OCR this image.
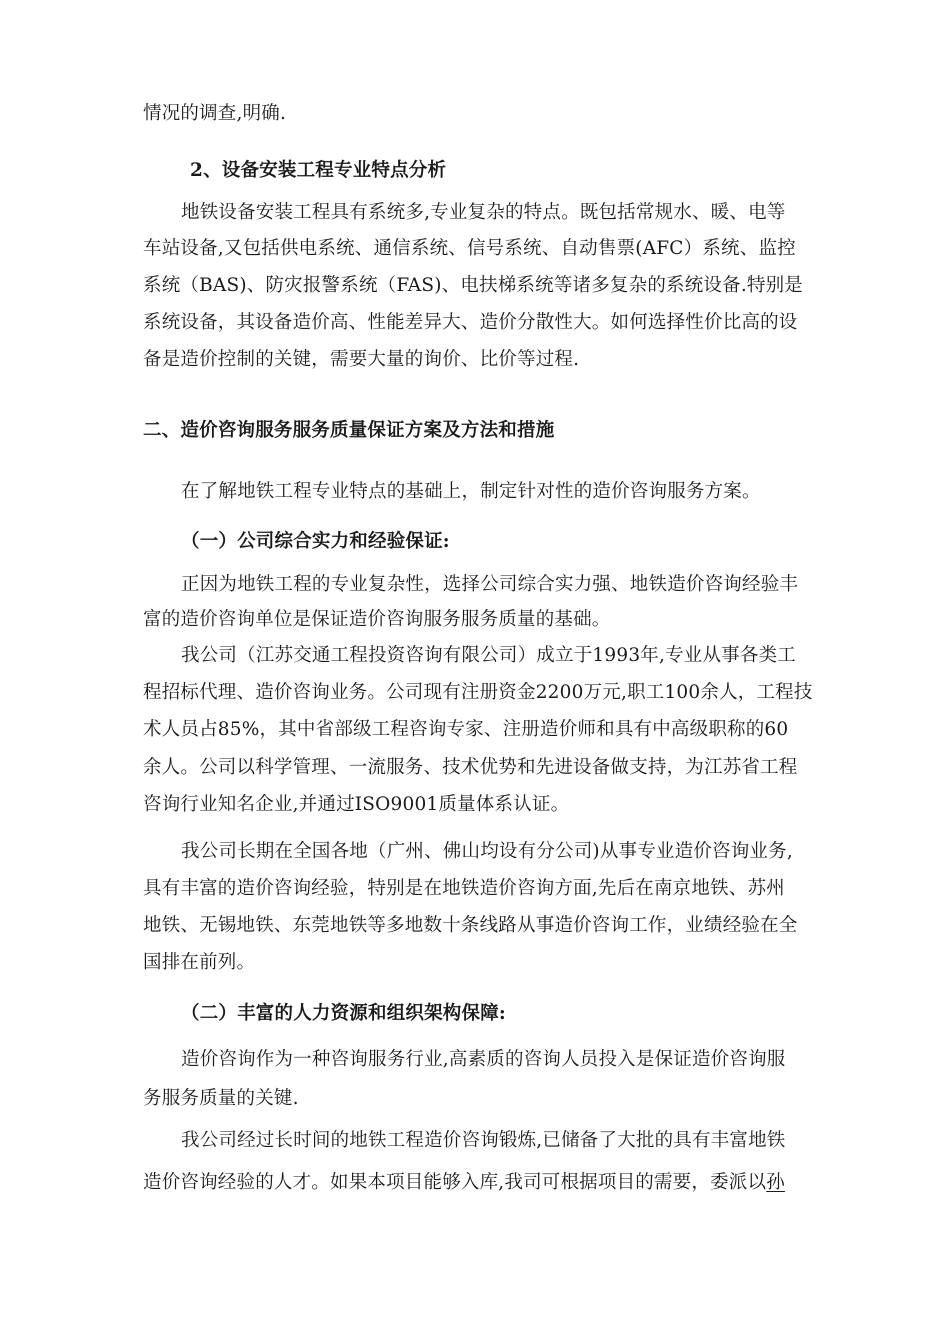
情况的调查,明确.
2、设备安装工程专业特点分析
地铁设备安装工程具有系统多,专业复杂的特点。既包括常规水、暖、电等
车站设备,又包括供电系统、通信系统、信号系统、自动售票(AFC）系统、监控
系统（BAS)、防灾报警系统（FAS)、电扶梯系统等诸多复杂的系统设备.特别是
系统设备，其设备造价高、性能差异大、造价分散性大。如何选择性价比高的设
备是造价控制的关键，需要大量的询价、比价等过程.
二、造价咨询服务服务质量保证方案及方法和措施
在了解地铁工程专业特点的基础上，制定针对性的造价咨询服务方案。
（一）公司综合实力和经验保证:
正因为地铁工程的专业复杂性，选择公司综合实力强、地铁造价咨询经验丰
富的造价咨询单位是保证造价咨询服务服务质量的基础。
我公司（江苏交通工程投资咨询有限公司）成立于1993年,专业从事各类工
程招标代理、造价咨询业务。公司现有注册资金2200万元,职工100余人，工程技
术人员占85%，其中省部级工程咨询专家、注册造价师和具有中高级职称的60
余人。公司以科学管理、一流服务、技术优势和先进设备做支持，为江苏省工程
咨询行业知名企业,并通过ISO9001质量体系认证。
我公司长期在全国各地（广州、佛山均设有分公司)从事专业造价咨询业务,
具有丰富的造价咨询经验，特别是在地铁造价咨询方面,先后在南京地铁、苏州
地铁、无锡地铁、东莞地铁等多地数十条线路从事造价咨询工作，业绩经验在全
国排在前列。
（二）丰富的人力资源和组织架构保障:
造价咨询作为一种咨询服务行业,高素质的咨询人员投入是保证造价咨询服
务服务质量的关键.
我公司经过长时间的地铁工程造价咨询锻炼,已储备了大批的具有丰富地铁
造价咨询经验的人才。如果本项目能够入库,我司可根据项目的需要，委派以孙
